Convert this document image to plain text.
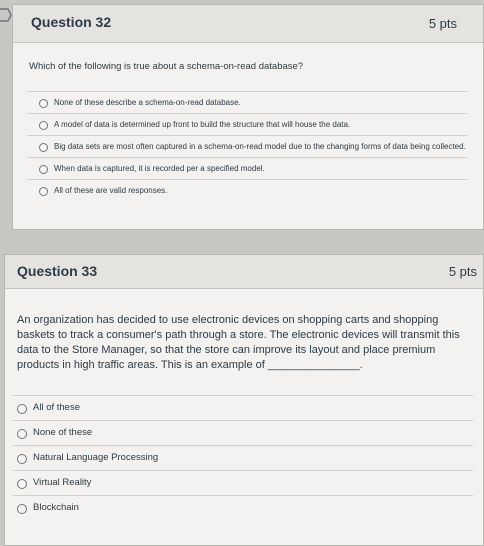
Question 32	5 pts
Which of the following is true about a schema-on-read database?
None of these describe a schema-on-read database.
A model of data is determined up front to build the structure that will house the data.
Big data sets are most often captured in a schema-on-read model due to the changing forms of data being collected.
When data is captured, it is recorded per a specified model.
All of these are valid responses.
Question 33	5 pts
An organization has decided to use electronic devices on shopping carts and shopping baskets to track a consumer's path through a store. The electronic devices will transmit this data to the Store Manager, so that the store can improve its layout and place premium products in high traffic areas. This is an example of _______________.
All of these
None of these
Natural Language Processing
Virtual Reality
Blockchain
